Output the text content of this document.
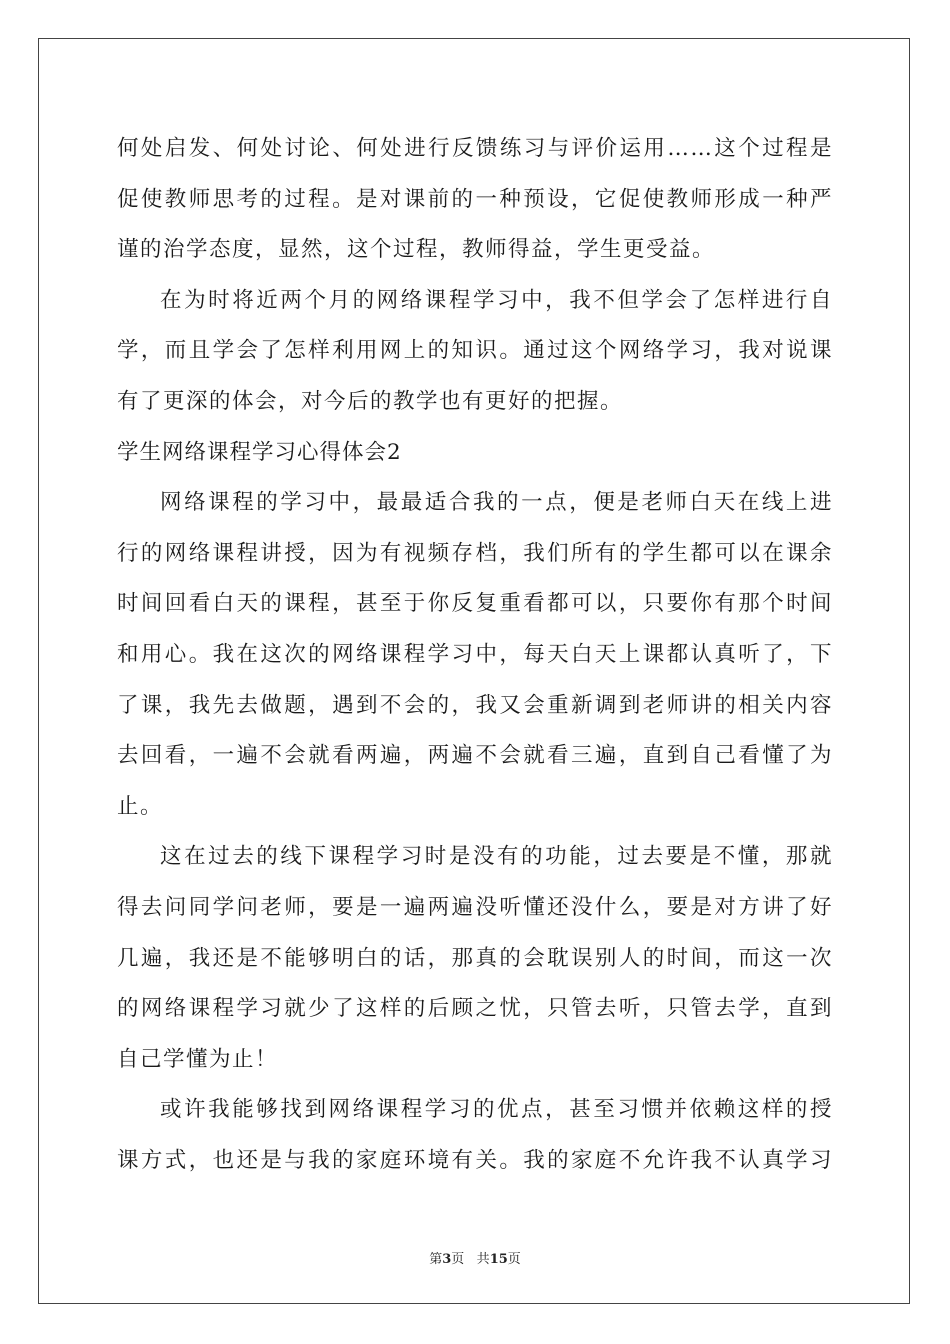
何处启发、何处讨论、何处进行反馈练习与评价运用……这个过程是
促使教师思考的过程。是对课前的一种预设，它促使教师形成一种严
谨的治学态度，显然，这个过程，教师得益，学生更受益。
在为时将近两个月的网络课程学习中，我不但学会了怎样进行自
学，而且学会了怎样利用网上的知识。通过这个网络学习，我对说课
有了更深的体会，对今后的教学也有更好的把握。
学生网络课程学习心得体会2
网络课程的学习中，最最适合我的一点，便是老师白天在线上进
行的网络课程讲授，因为有视频存档，我们所有的学生都可以在课余
时间回看白天的课程，甚至于你反复重看都可以，只要你有那个时间
和用心。我在这次的网络课程学习中，每天白天上课都认真听了，下
了课，我先去做题，遇到不会的，我又会重新调到老师讲的相关内容
去回看，一遍不会就看两遍，两遍不会就看三遍，直到自己看懂了为
止。
这在过去的线下课程学习时是没有的功能，过去要是不懂，那就
得去问同学问老师，要是一遍两遍没听懂还没什么，要是对方讲了好
几遍，我还是不能够明白的话，那真的会耽误别人的时间，而这一次
的网络课程学习就少了这样的后顾之忧，只管去听，只管去学，直到
自己学懂为止！
或许我能够找到网络课程学习的优点，甚至习惯并依赖这样的授
课方式，也还是与我的家庭环境有关。我的家庭不允许我不认真学习
第3页 共15页
